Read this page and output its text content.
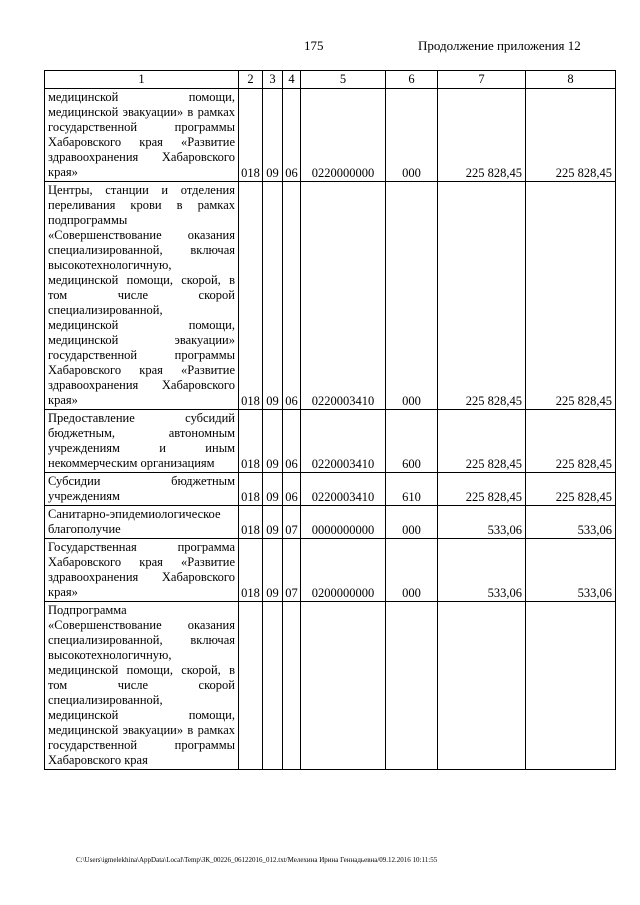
175	Продолжение приложения 12
1	2	3	4	5	6	7	8
медицинской помощи, медицинской эвакуации» в рамках государственной программы Хабаровского края «Развитие здравоохранения Хабаровского края»	018	09	06	0220000000	000	225 828,45	225 828,45
Центры, станции и отделения переливания крови в рамках подпрограммы «Совершенствование оказания специализированной, включая высокотехнологичную, медицинской помощи, скорой, в том числе скорой специализированной, медицинской помощи, медицинской эвакуации» государственной программы Хабаровского края «Развитие здравоохранения Хабаровского края»	018	09	06	0220003410	000	225 828,45	225 828,45
Предоставление субсидий бюджетным, автономным учреждениям и иным некоммерческим организациям	018	09	06	0220003410	600	225 828,45	225 828,45
Субсидии бюджетным учреждениям	018	09	06	0220003410	610	225 828,45	225 828,45
Санитарно-эпидемиологическое благополучие	018	09	07	0000000000	000	533,06	533,06
Государственная программа Хабаровского края «Развитие здравоохранения Хабаровского края»	018	09	07	0200000000	000	533,06	533,06
Подпрограмма «Совершенствование оказания специализированной, включая высокотехнологичную, медицинской помощи, скорой, в том числе скорой специализированной, медицинской помощи, медицинской эвакуации» в рамках государственной программы Хабаровского края							
C:\Users\igmelekhina\AppData\Local\Temp\ЗК_00226_06122016_012.txt/Мелехина Ирина Геннадьевна/09.12.2016 10:11:55
